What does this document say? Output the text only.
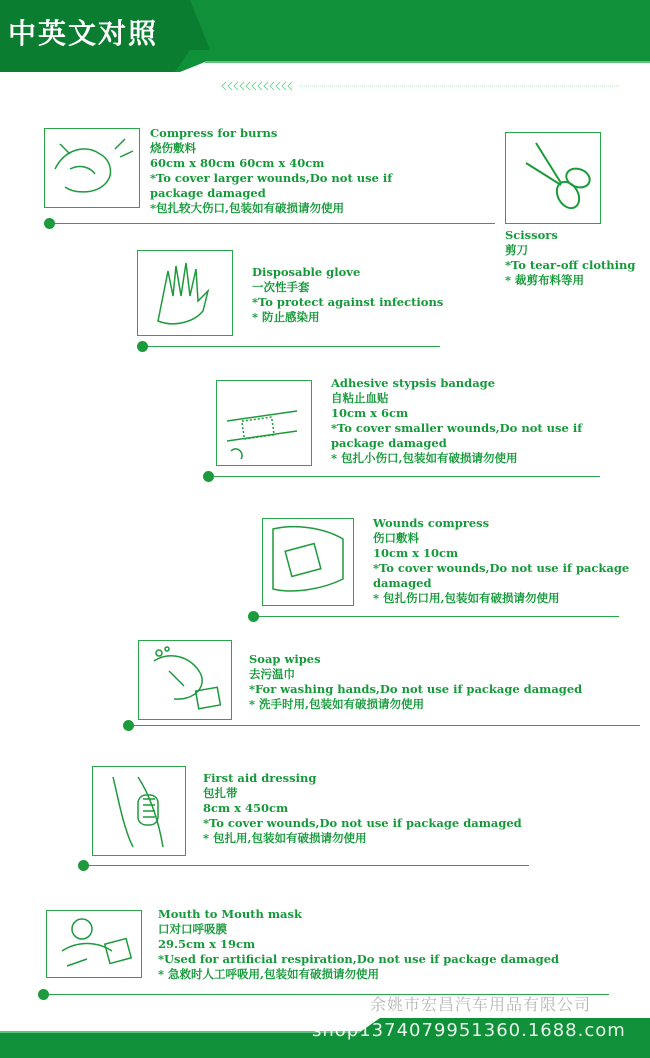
中英文对照
Compress for burns
烧伤敷料
60cm x 80cm 60cm x 40cm
*To cover larger wounds,Do not use if
package damaged
*包扎较大伤口,包装如有破损请勿使用
Scissors
剪刀
*To tear-off clothing
* 裁剪布料等用
Disposable glove
一次性手套
*To protect against infections
* 防止感染用
Adhesive stypsis bandage
自粘止血贴
10cm x 6cm
*To cover smaller wounds,Do not use if
package damaged
* 包扎小伤口,包装如有破损请勿使用
Wounds compress
伤口敷料
10cm x 10cm
*To cover wounds,Do not use if package
damaged
* 包扎伤口用,包装如有破损请勿使用
Soap wipes
去污温巾
*For washing hands,Do not use if package damaged
* 洗手时用,包装如有破损请勿使用
First aid dressing
包扎带
8cm x 450cm
*To cover wounds,Do not use if package damaged
* 包扎用,包装如有破损请勿使用
Mouth to Mouth mask
口对口呼吸膜
29.5cm x 19cm
*Used for artificial respiration,Do not use if package damaged
* 急救时人工呼吸用,包装如有破损请勿使用
余姚市宏昌汽车用品有限公司
shop1374079951360.1688.com
